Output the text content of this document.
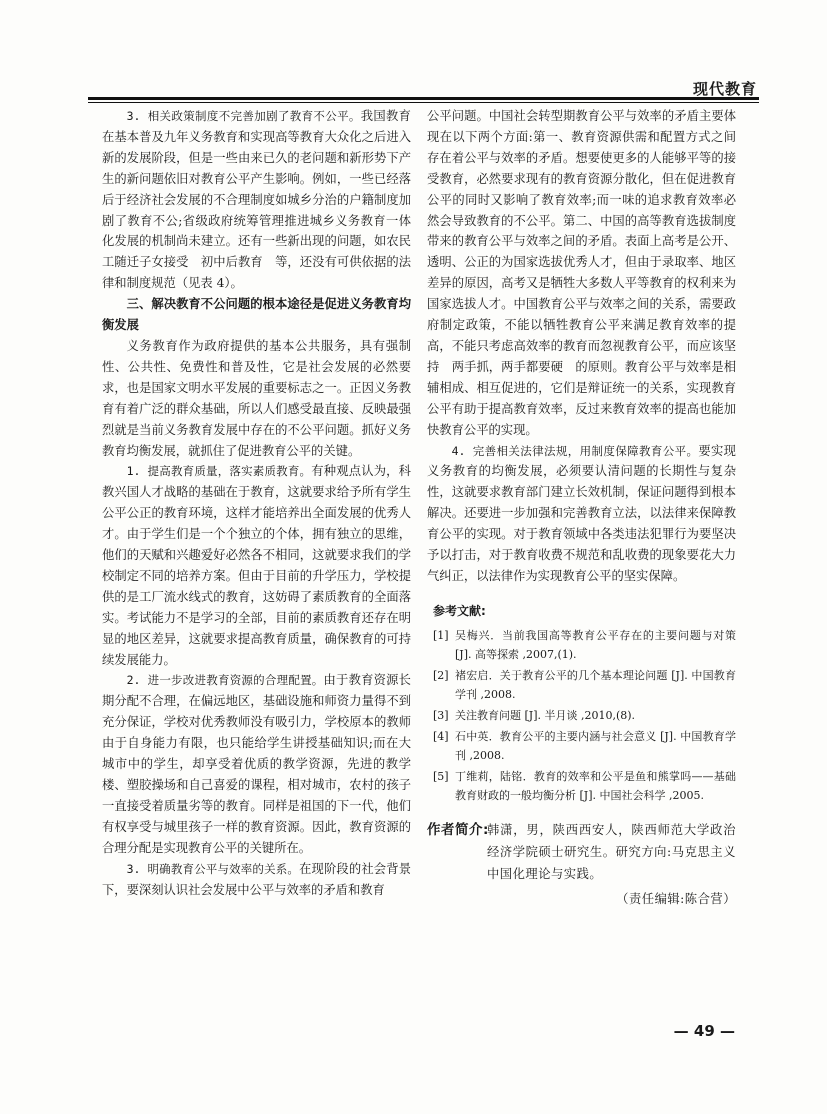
现代教育

3. 相关政策制度不完善加剧了教育不公平。我国教育在基本普及九年义务教育和实现高等教育大众化之后进入新的发展阶段，但是一些由来已久的老问题和新形势下产生的新问题依旧对教育公平产生影响。例如，一些已经落后于经济社会发展的不合理制度如城乡分治的户籍制度加剧了教育不公;省级政府统筹管理推进城乡义务教育一体化发展的机制尚未建立。还有一些新出现的问题，如农民工随迁子女接受　初中后教育　等，还没有可供依据的法律和制度规范（见表 4）。

三、解决教育不公问题的根本途径是促进义务教育均衡发展

义务教育作为政府提供的基本公共服务，具有强制性、公共性、免费性和普及性，它是社会发展的必然要求，也是国家文明水平发展的重要标志之一。正因义务教育有着广泛的群众基础，所以人们感受最直接、反映最强烈就是当前义务教育发展中存在的不公平问题。抓好义务教育均衡发展，就抓住了促进教育公平的关键。

1. 提高教育质量，落实素质教育。有种观点认为，科教兴国人才战略的基础在于教育，这就要求给予所有学生公平公正的教育环境，这样才能培养出全面发展的优秀人才。由于学生们是一个个独立的个体，拥有独立的思维，他们的天赋和兴趣爱好必然各不相同，这就要求我们的学校制定不同的培养方案。但由于目前的升学压力，学校提供的是工厂流水线式的教育，这妨碍了素质教育的全面落实。考试能力不是学习的全部，目前的素质教育还存在明显的地区差异，这就要求提高教育质量，确保教育的可持续发展能力。

2. 进一步改进教育资源的合理配置。由于教育资源长期分配不合理，在偏远地区，基础设施和师资力量得不到充分保证，学校对优秀教师没有吸引力，学校原本的教师由于自身能力有限，也只能给学生讲授基础知识;而在大城市中的学生，却享受着优质的教学资源，先进的教学楼、塑胶操场和自己喜爱的课程，相对城市，农村的孩子一直接受着质量劣等的教育。同样是祖国的下一代，他们有权享受与城里孩子一样的教育资源。因此，教育资源的合理分配是实现教育公平的关键所在。

3. 明确教育公平与效率的关系。在现阶段的社会背景下，要深刻认识社会发展中公平与效率的矛盾和教育

公平问题。中国社会转型期教育公平与效率的矛盾主要体现在以下两个方面:第一、教育资源供需和配置方式之间存在着公平与效率的矛盾。想要使更多的人能够平等的接受教育，必然要求现有的教育资源分散化，但在促进教育公平的同时又影响了教育效率;而一味的追求教育效率必然会导致教育的不公平。第二、中国的高等教育选拔制度带来的教育公平与效率之间的矛盾。表面上高考是公开、透明、公正的为国家选拔优秀人才，但由于录取率、地区差异的原因，高考又是牺牲大多数人平等教育的权利来为国家选拔人才。中国教育公平与效率之间的关系，需要政府制定政策，不能以牺牲教育公平来满足教育效率的提高，不能只考虑高效率的教育而忽视教育公平，而应该坚持　两手抓，两手都要硬　的原则。教育公平与效率是相辅相成、相互促进的，它们是辩证统一的关系，实现教育公平有助于提高教育效率，反过来教育效率的提高也能加快教育公平的实现。

4. 完善相关法律法规，用制度保障教育公平。要实现义务教育的均衡发展，必须要认清问题的长期性与复杂性，这就要求教育部门建立长效机制，保证问题得到根本解决。还要进一步加强和完善教育立法，以法律来保障教育公平的实现。对于教育领域中各类违法犯罪行为要坚决予以打击，对于教育收费不规范和乱收费的现象要花大力气纠正，以法律作为实现教育公平的坚实保障。

参考文献:

[1] 吴梅兴．当前我国高等教育公平存在的主要问题与对策 [J]. 高等探索 ,2007,(1).

[2] 褚宏启．关于教育公平的几个基本理论问题 [J]. 中国教育学刊 ,2008.

[3] 关注教育问题 [J]. 半月谈 ,2010,(8).

[4] 石中英．教育公平的主要内涵与社会意义 [J]. 中国教育学刊 ,2008.

[5] 丁维莉，陆铭．教育的效率和公平是鱼和熊掌吗——基础教育财政的一般均衡分析 [J]. 中国社会科学 ,2005.

作者简介:
韩潇，男，陕西西安人，陕西师范大学政治经济学院硕士研究生。研究方向:马克思主义中国化理论与实践。
（责任编辑:陈合营）
— 49 —
